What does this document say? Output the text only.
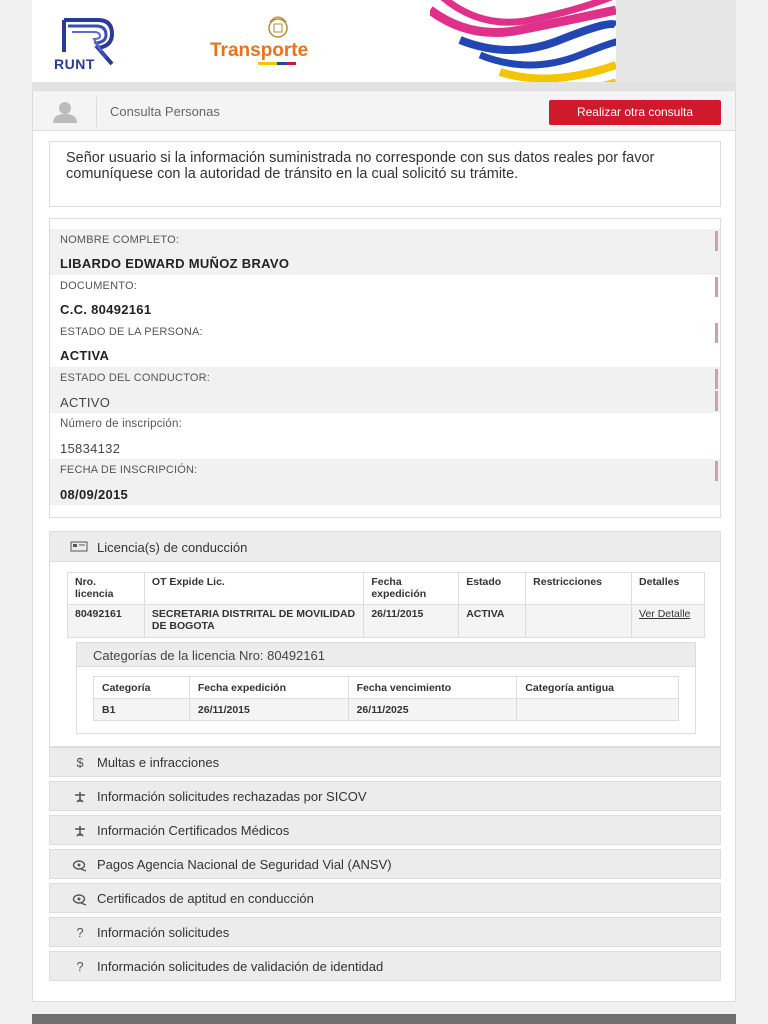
RUNT
Transporte
Consulta Personas	Realizar otra consulta
Señor usuario si la información suministrada no corresponde con sus datos reales por favor comuníquese con la autoridad de tránsito en la cual solicitó su trámite.
NOMBRE COMPLETO:
LIBARDO EDWARD MUÑOZ BRAVO
DOCUMENTO:
C.C. 80492161
ESTADO DE LA PERSONA:
ACTIVA
ESTADO DEL CONDUCTOR:
ACTIVO
Número de inscripción:
15834132
FECHA DE INSCRIPCIÓN:
08/09/2015
Licencia(s) de conducción
Nro. licencia	OT Expide Lic.	Fecha expedición	Estado	Restricciones	Detalles
80492161	SECRETARIA DISTRITAL DE MOVILIDAD DE BOGOTA	26/11/2015	ACTIVA		Ver Detalle
Categorías de la licencia Nro: 80492161
Categoría	Fecha expedición	Fecha vencimiento	Categoría antigua
B1	26/11/2015	26/11/2025	
$	Multas e infracciones
Información solicitudes rechazadas por SICOV
Información Certificados Médicos
Pagos Agencia Nacional de Seguridad Vial (ANSV)
Certificados de aptitud en conducción
?	Información solicitudes
?	Información solicitudes de validación de identidad
